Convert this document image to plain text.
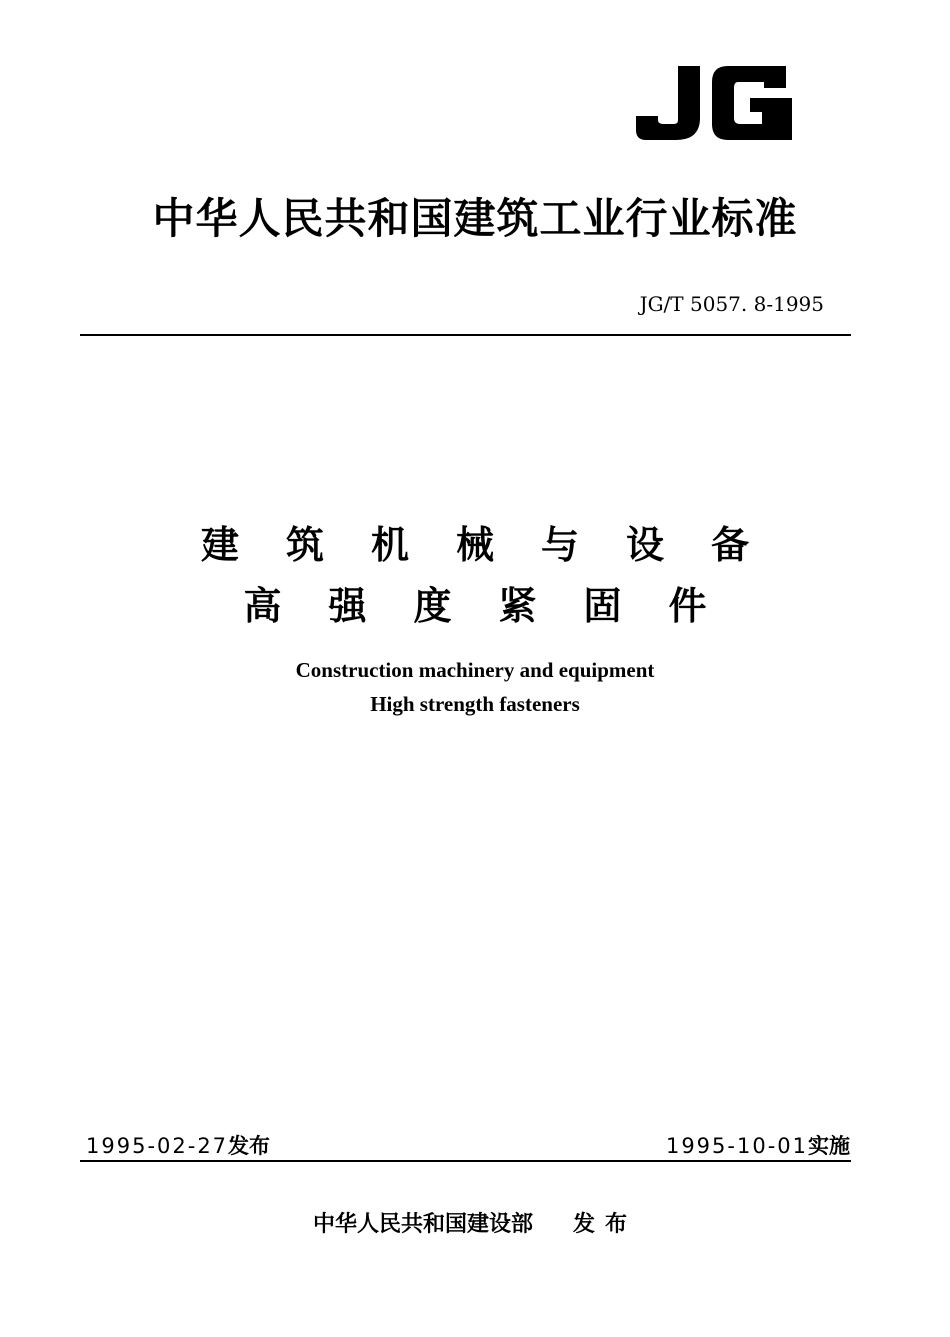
中华人民共和国建筑工业行业标准
JG/T 5057. 8-1995
建筑机械与设备
高强度紧固件
Construction machinery and equipment
High strength fasteners
1995-02-27发布	1995-10-01实施
中华人民共和国建设部 发布
